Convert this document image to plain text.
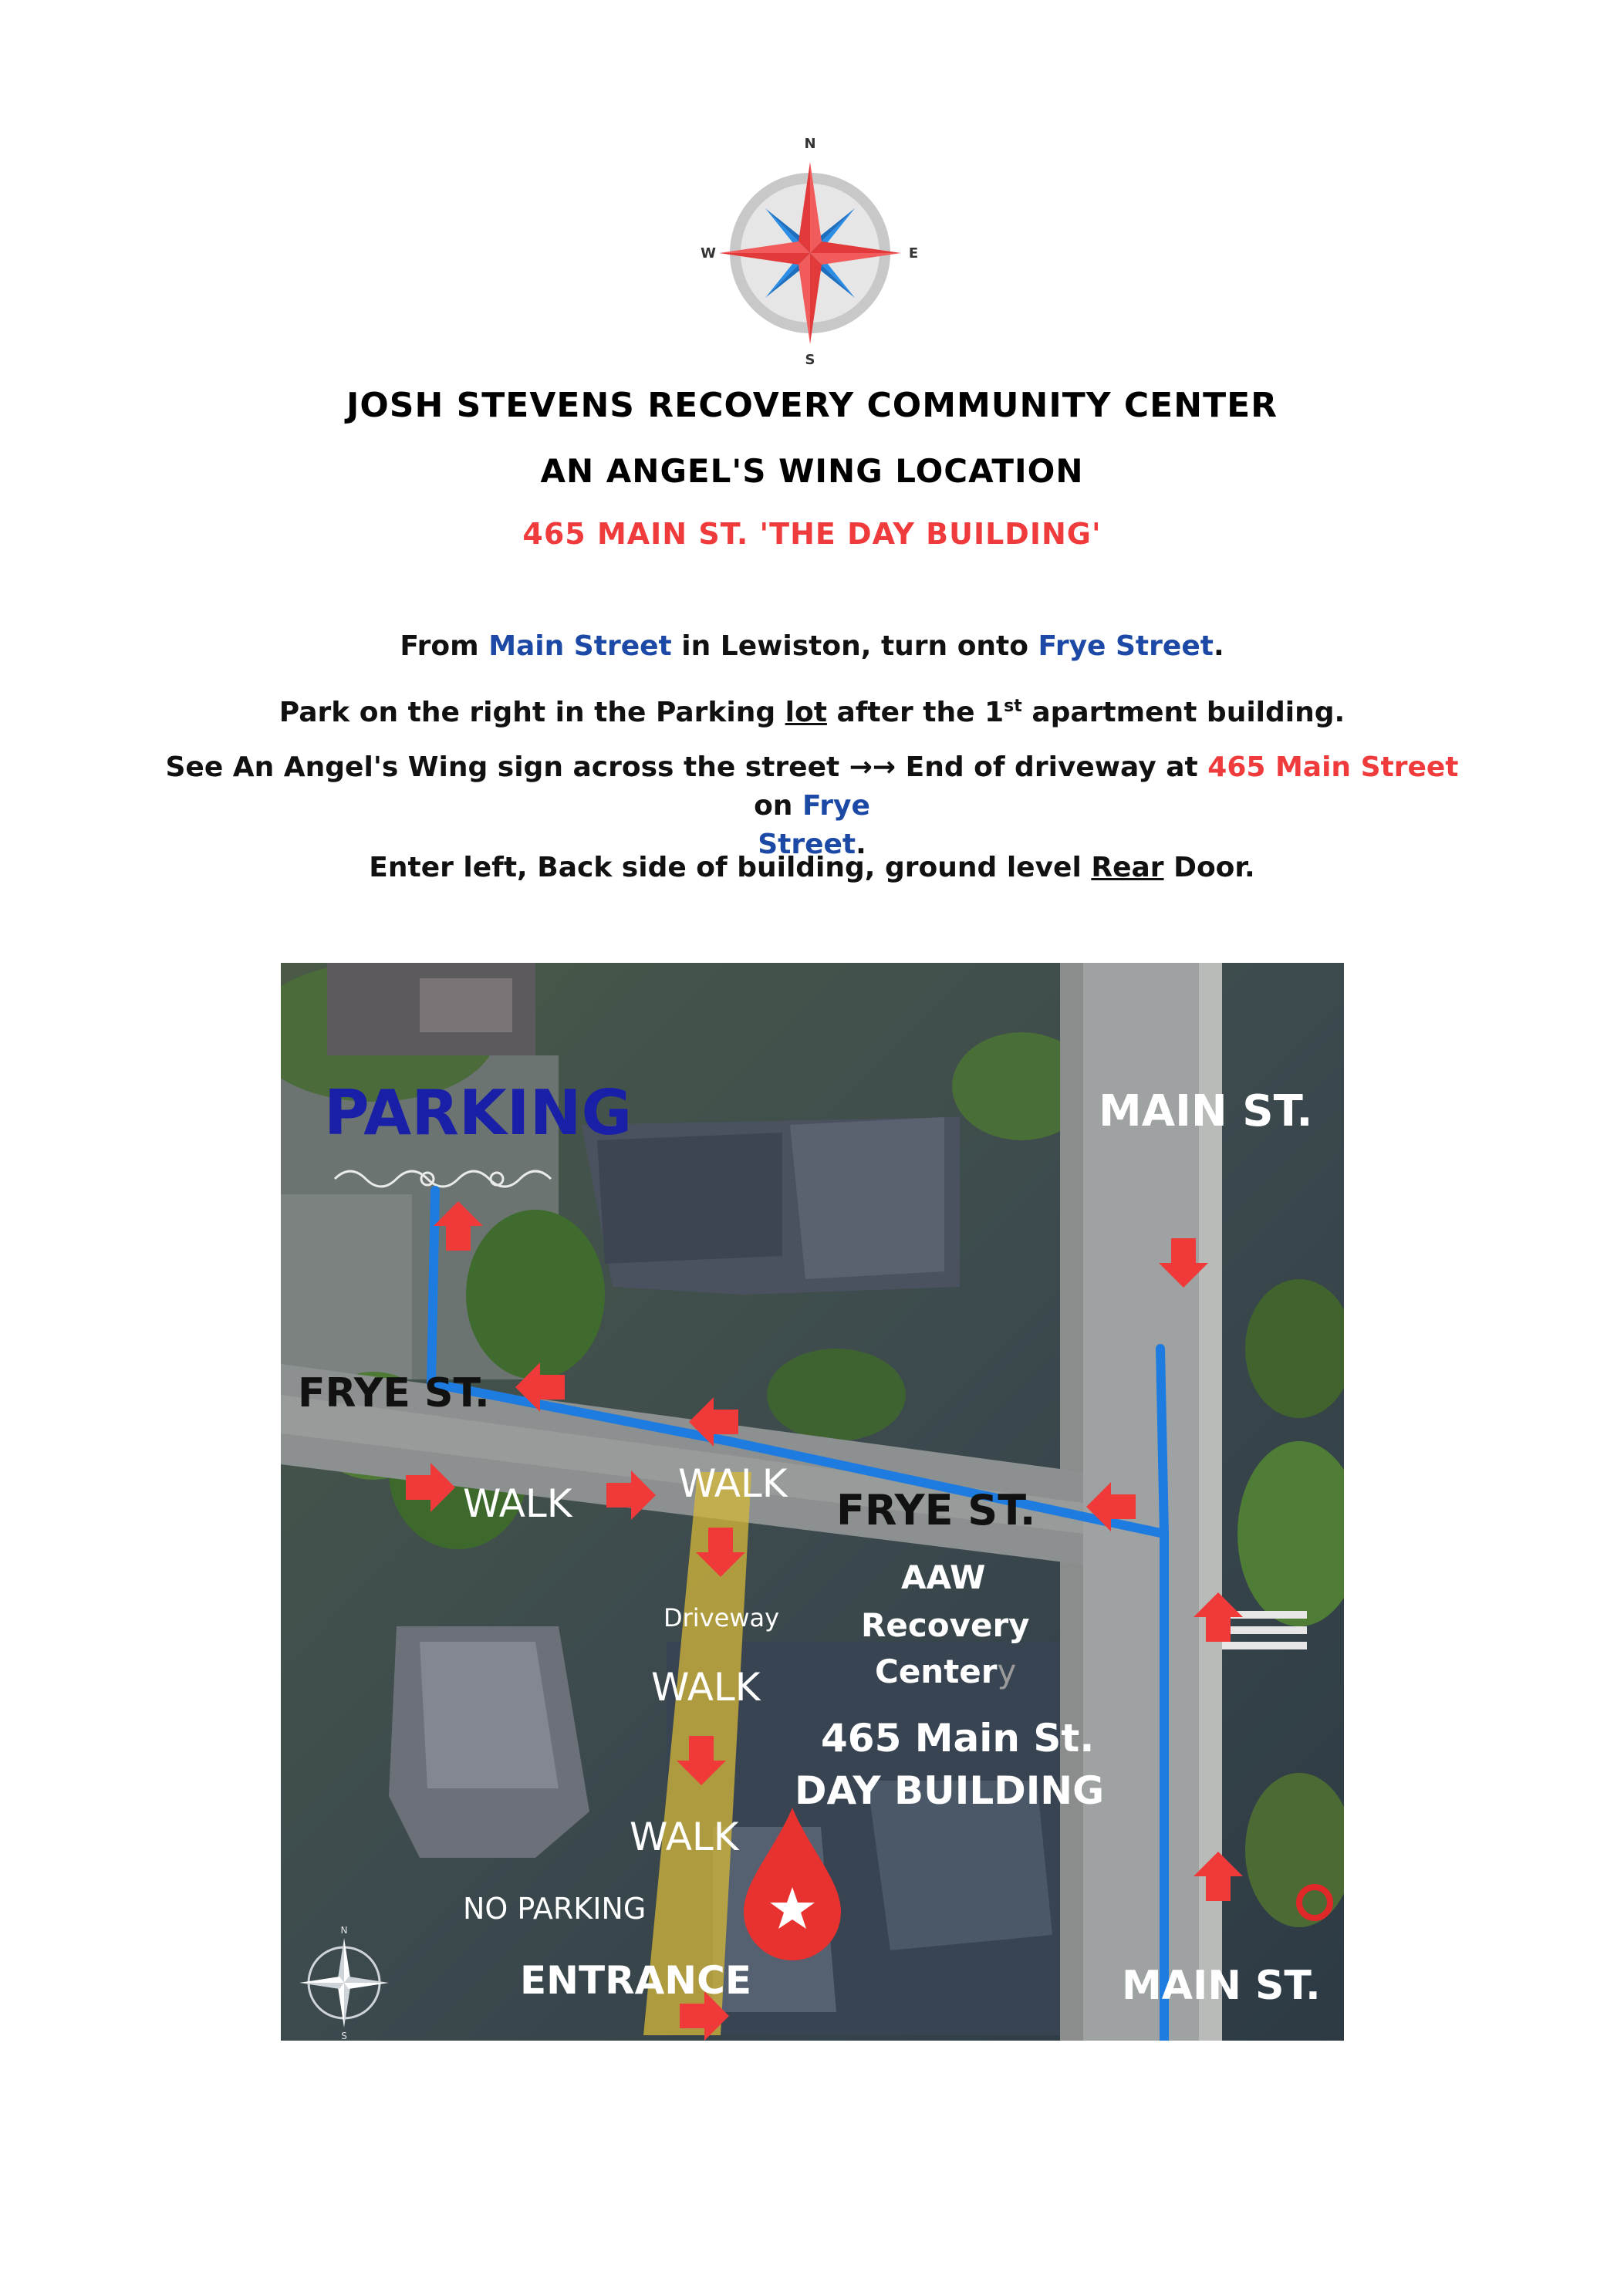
N
S
W	E
JOSH STEVENS RECOVERY COMMUNITY CENTER
AN ANGEL'S WING LOCATION
465 MAIN ST. 'THE DAY BUILDING'
From Main Street in Lewiston, turn onto Frye Street.
Park on the right in the Parking lot after the 1st apartment building.
See An Angel's Wing sign across the street →→ End of driveway at 465 Main Street on Frye
Street.
Enter left, Back side of building, ground level Rear Door.
N
S
PARKING	MAIN ST.
FRYE ST.
FRYE ST.
WALK	WALK
Driveway
WALK
WALK
AAW
Recovery
Centery
465 Main St.
DAY BUILDING
NO PARKING
ENTRANCE	MAIN ST.
